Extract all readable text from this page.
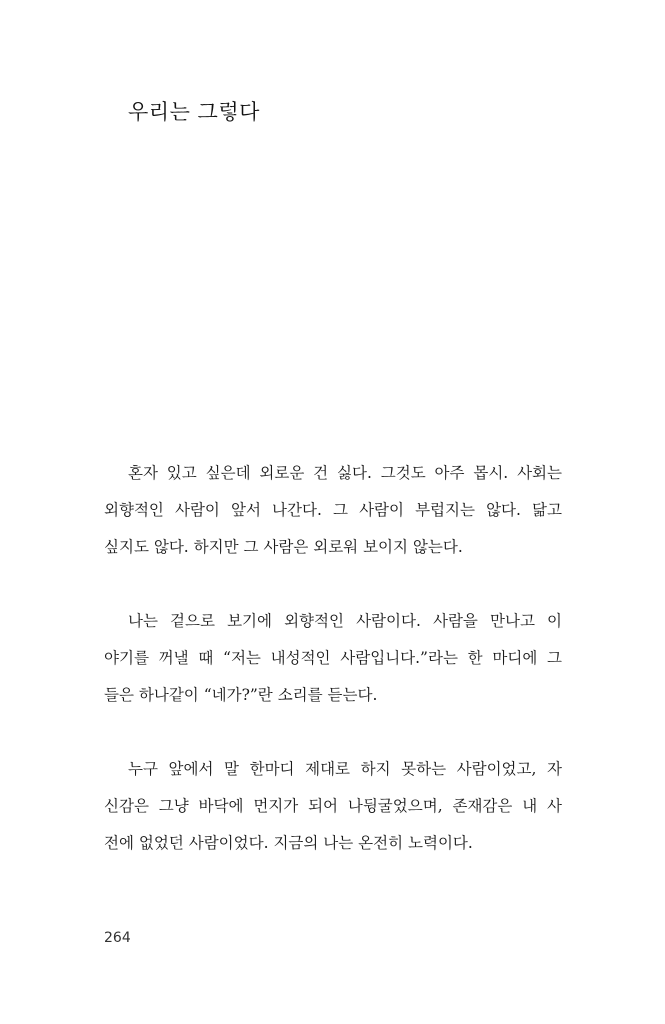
우리는 그렇다

혼자 있고 싶은데 외로운 건 싫다. 그것도 아주 몹시. 사회는
외향적인 사람이 앞서 나간다. 그 사람이 부럽지는 않다. 닮고
싶지도 않다. 하지만 그 사람은 외로워 보이지 않는다.

나는 겉으로 보기에 외향적인 사람이다. 사람을 만나고 이
야기를 꺼낼 때 “저는 내성적인 사람입니다.”라는 한 마디에 그
들은 하나같이 “네가?”란 소리를 듣는다.

누구 앞에서 말 한마디 제대로 하지 못하는 사람이었고, 자
신감은 그냥 바닥에 먼지가 되어 나뒹굴었으며, 존재감은 내 사
전에 없었던 사람이었다. 지금의 나는 온전히 노력이다.

264
